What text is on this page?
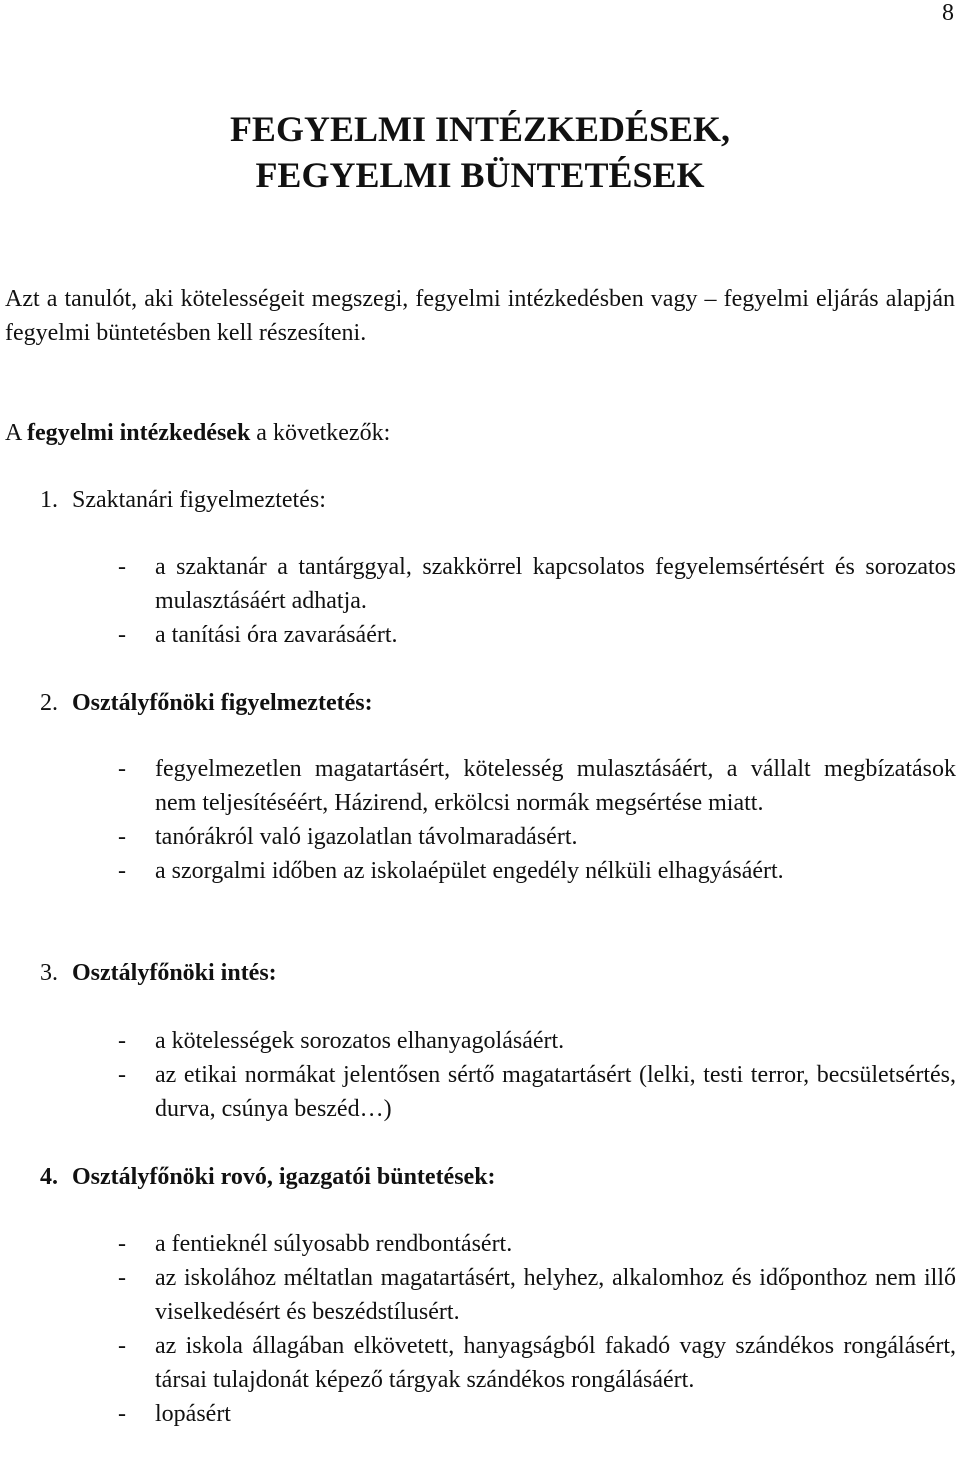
8
FEGYELMI INTÉZKEDÉSEK,
FEGYELMI BÜNTETÉSEK

Azt a tanulót, aki kötelességeit megszegi, fegyelmi intézkedésben vagy – fegyelmi eljárás alapján fegyelmi büntetésben kell részesíteni.

A fegyelmi intézkedések a következők:

1. Szaktanári figyelmeztetés:

- a szaktanár a tantárggyal, szakkörrel kapcsolatos fegyelemsértésért és sorozatos mulasztásáért adhatja.
- a tanítási óra zavarásáért.

2. Osztályfőnöki figyelmeztetés:

- fegyelmezetlen magatartásért, kötelesség mulasztásáért, a vállalt megbízatások nem teljesítéséért, Házirend, erkölcsi normák megsértése miatt.
- tanórákról való igazolatlan távolmaradásért.
- a szorgalmi időben az iskolaépület engedély nélküli elhagyásáért.

3. Osztályfőnöki intés:

- a kötelességek sorozatos elhanyagolásáért.
- az etikai normákat jelentősen sértő magatartásért (lelki, testi terror, becsületsértés, durva, csúnya beszéd…)

4. Osztályfőnöki rovó, igazgatói büntetések:

- a fentieknél súlyosabb rendbontásért.
- az iskolához méltatlan magatartásért, helyhez, alkalomhoz és időponthoz nem illő viselkedésért és beszédstílusért.
- az iskola állagában elkövetett, hanyagságból fakadó vagy szándékos rongálásért, társai tulajdonát képező tárgyak szándékos rongálásáért.
- lopásért
